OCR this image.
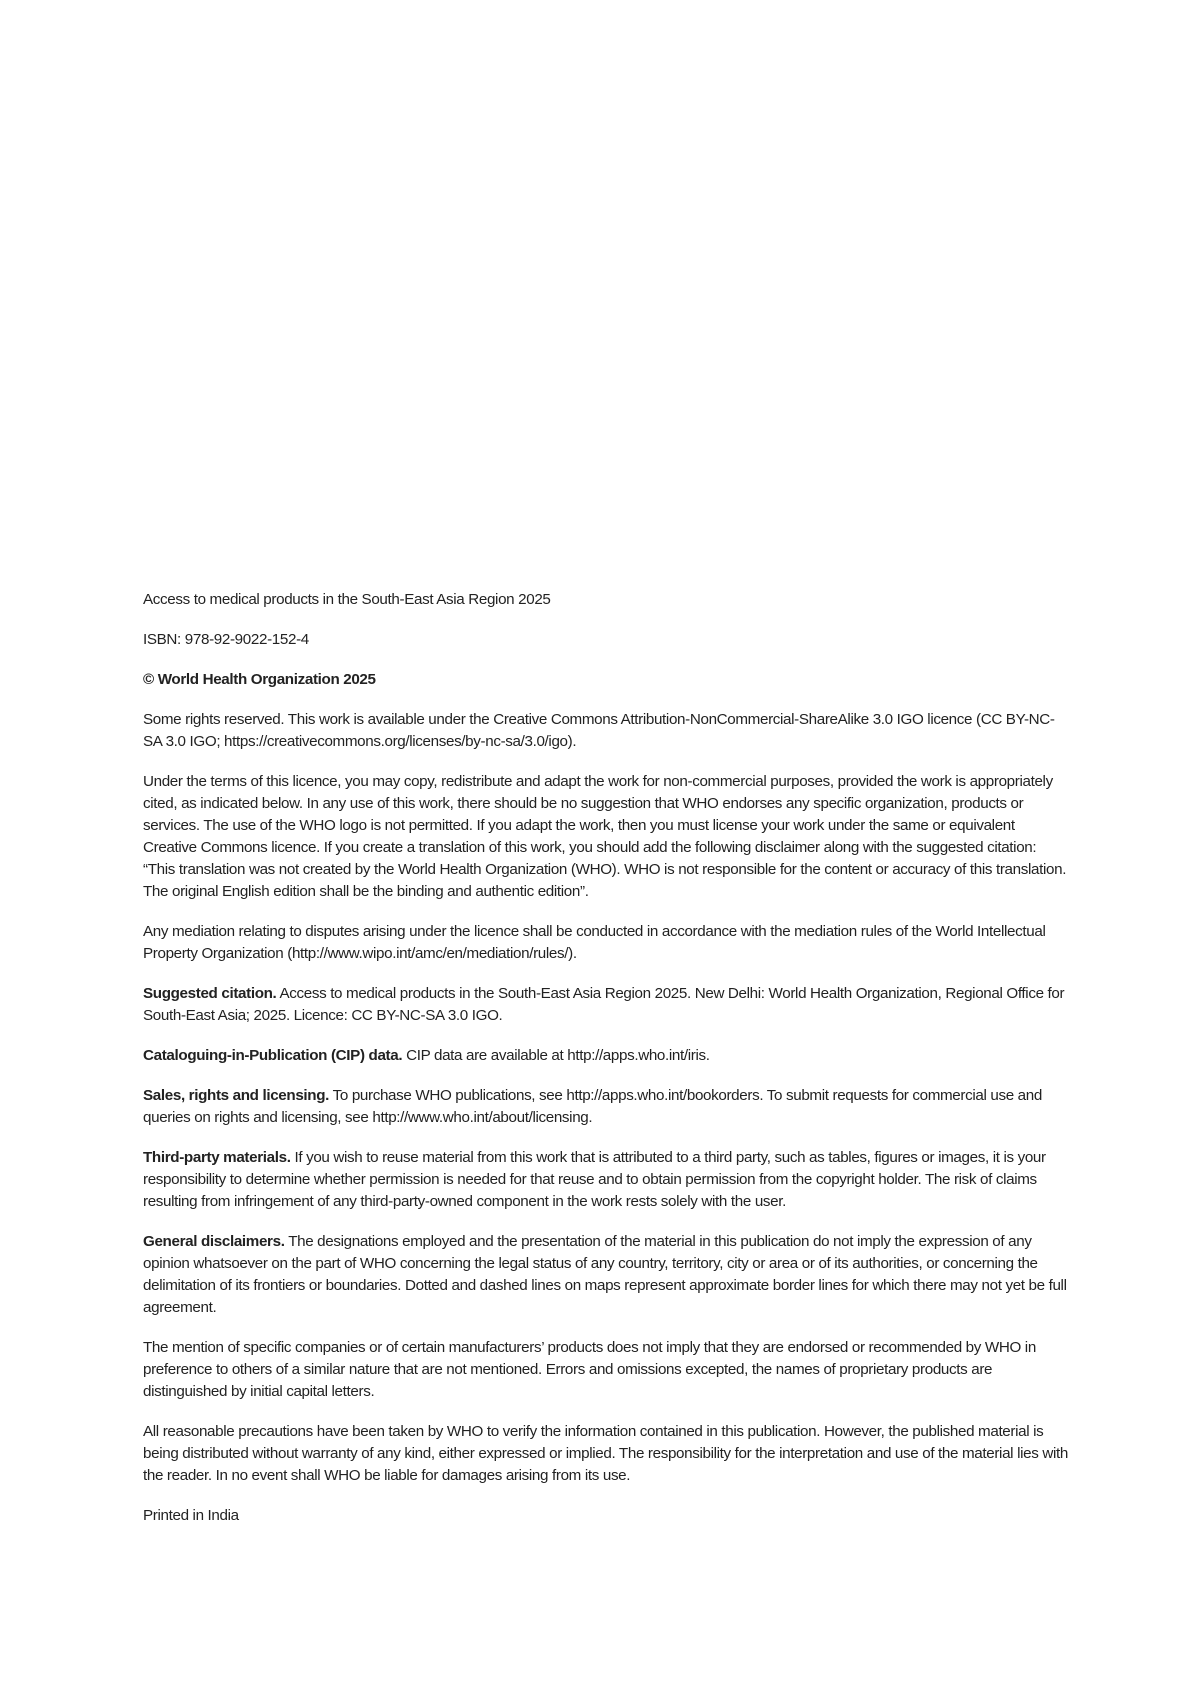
Access to medical products in the South-East Asia Region 2025

ISBN: 978-92-9022-152-4

© World Health Organization 2025

Some rights reserved. This work is available under the Creative Commons Attribution-NonCommercial-ShareAlike 3.0 IGO licence (CC BY-NC-SA 3.0 IGO; https://creativecommons.org/licenses/by-nc-sa/3.0/igo).

Under the terms of this licence, you may copy, redistribute and adapt the work for non-commercial purposes, provided the work is appropriately cited, as indicated below. In any use of this work, there should be no suggestion that WHO endorses any specific organization, products or services. The use of the WHO logo is not permitted. If you adapt the work, then you must license your work under the same or equivalent Creative Commons licence. If you create a translation of this work, you should add the following disclaimer along with the suggested citation: “This translation was not created by the World Health Organization (WHO). WHO is not responsible for the content or accuracy of this translation. The original English edition shall be the binding and authentic edition”.

Any mediation relating to disputes arising under the licence shall be conducted in accordance with the mediation rules of the World Intellectual Property Organization (http://www.wipo.int/amc/en/mediation/rules/).

Suggested citation. Access to medical products in the South-East Asia Region 2025. New Delhi: World Health Organization, Regional Office for South-East Asia; 2025. Licence: CC BY-NC-SA 3.0 IGO.

Cataloguing-in-Publication (CIP) data. CIP data are available at http://apps.who.int/iris.

Sales, rights and licensing. To purchase WHO publications, see http://apps.who.int/bookorders. To submit requests for commercial use and queries on rights and licensing, see http://www.who.int/about/licensing.

Third-party materials. If you wish to reuse material from this work that is attributed to a third party, such as tables, figures or images, it is your responsibility to determine whether permission is needed for that reuse and to obtain permission from the copyright holder. The risk of claims resulting from infringement of any third-party-owned component in the work rests solely with the user.

General disclaimers. The designations employed and the presentation of the material in this publication do not imply the expression of any opinion whatsoever on the part of WHO concerning the legal status of any country, territory, city or area or of its authorities, or concerning the delimitation of its frontiers or boundaries. Dotted and dashed lines on maps represent approximate border lines for which there may not yet be full agreement.

The mention of specific companies or of certain manufacturers’ products does not imply that they are endorsed or recommended by WHO in preference to others of a similar nature that are not mentioned. Errors and omissions excepted, the names of proprietary products are distinguished by initial capital letters.

All reasonable precautions have been taken by WHO to verify the information contained in this publication. However, the published material is being distributed without warranty of any kind, either expressed or implied. The responsibility for the interpretation and use of the material lies with the reader. In no event shall WHO be liable for damages arising from its use.

Printed in India
